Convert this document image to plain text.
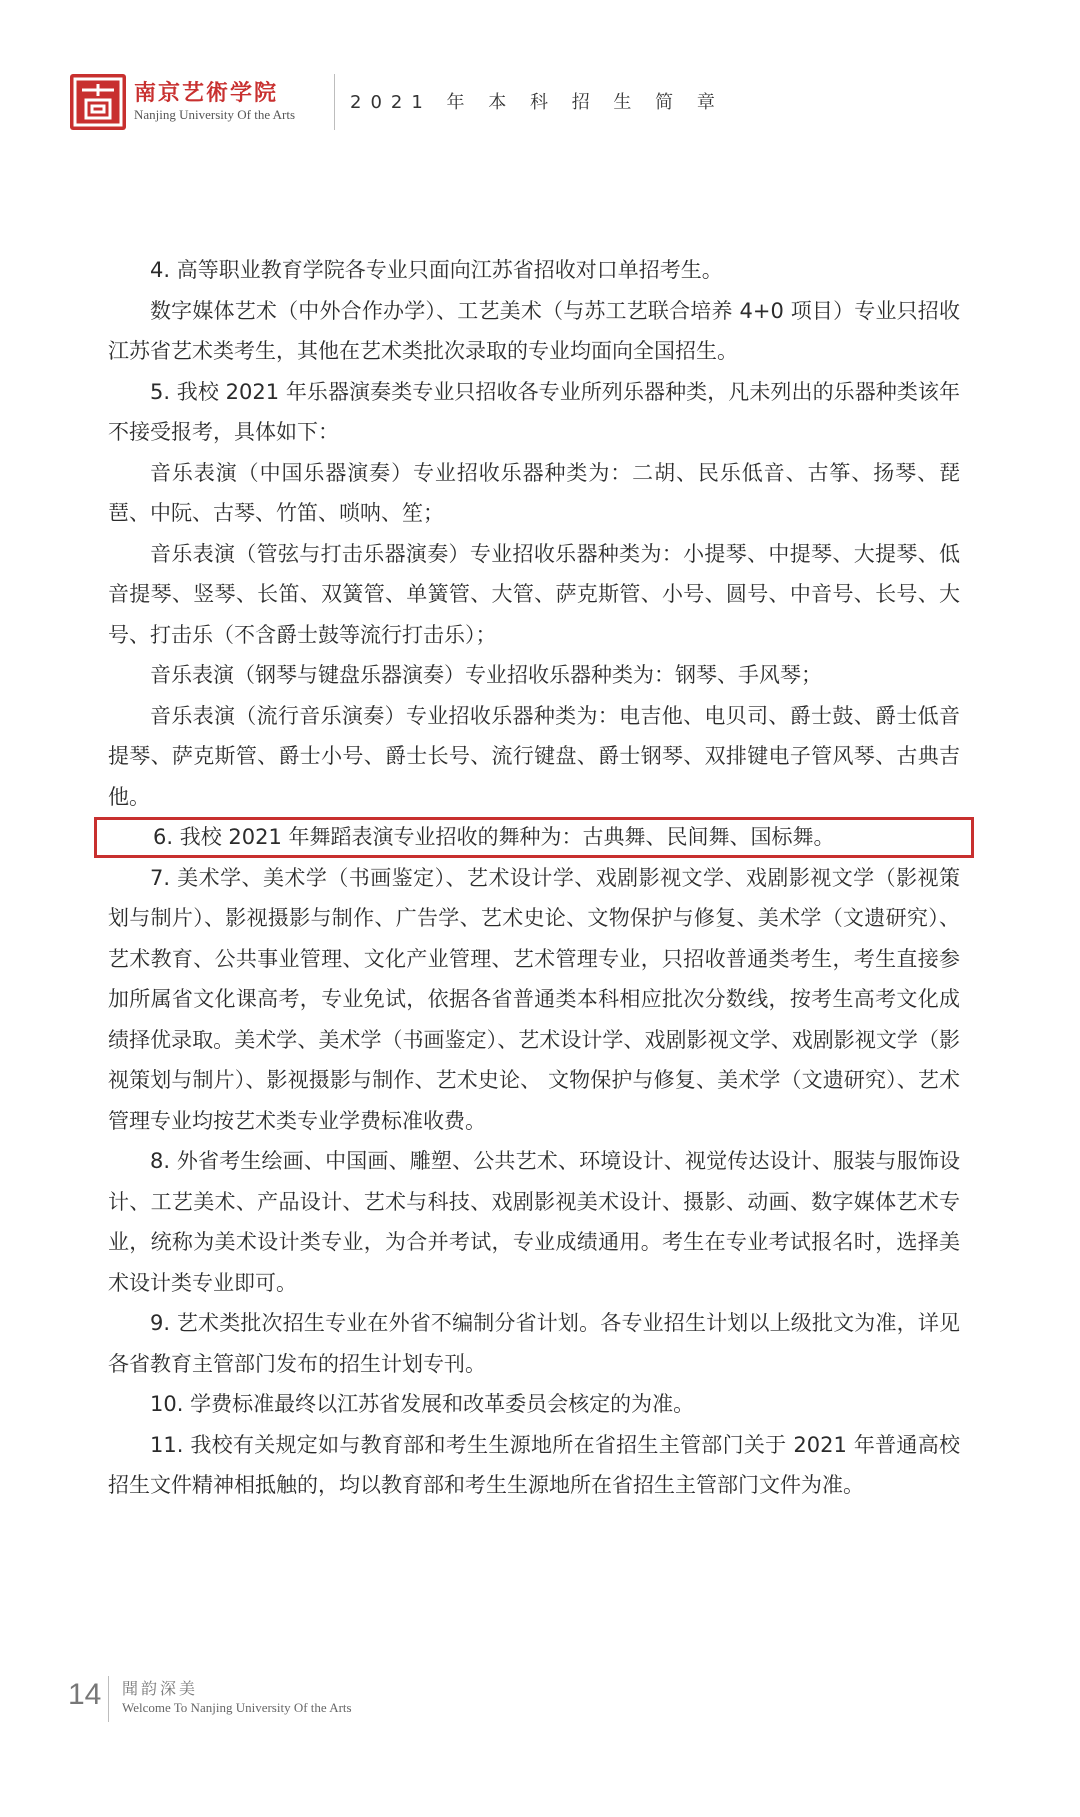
南京艺術学院
Nanjing University Of the Arts
2021 年 本 科 招 生 简 章

4. 高等职业教育学院各专业只面向江苏省招收对口单招考生。

数字媒体艺术（中外合作办学）、工艺美术（与苏工艺联合培养 4+0 项目）专业只招收江苏省艺术类考生，其他在艺术类批次录取的专业均面向全国招生。

5. 我校 2021 年乐器演奏类专业只招收各专业所列乐器种类，凡未列出的乐器种类该年不接受报考，具体如下：

音乐表演（中国乐器演奏）专业招收乐器种类为：二胡、民乐低音、古筝、扬琴、琵琶、中阮、古琴、竹笛、唢呐、笙；

音乐表演（管弦与打击乐器演奏）专业招收乐器种类为：小提琴、中提琴、大提琴、低音提琴、竖琴、长笛、双簧管、单簧管、大管、萨克斯管、小号、圆号、中音号、长号、大号、打击乐（不含爵士鼓等流行打击乐）；

音乐表演（钢琴与键盘乐器演奏）专业招收乐器种类为：钢琴、手风琴；

音乐表演（流行音乐演奏）专业招收乐器种类为：电吉他、电贝司、爵士鼓、爵士低音提琴、萨克斯管、爵士小号、爵士长号、流行键盘、爵士钢琴、双排键电子管风琴、古典吉他。

6. 我校 2021 年舞蹈表演专业招收的舞种为：古典舞、民间舞、国标舞。

7. 美术学、美术学（书画鉴定）、艺术设计学、戏剧影视文学、戏剧影视文学（影视策划与制片）、影视摄影与制作、广告学、艺术史论、文物保护与修复、美术学（文遗研究）、艺术教育、公共事业管理、文化产业管理、艺术管理专业，只招收普通类考生，考生直接参加所属省文化课高考，专业免试，依据各省普通类本科相应批次分数线，按考生高考文化成绩择优录取。美术学、美术学（书画鉴定）、艺术设计学、戏剧影视文学、戏剧影视文学（影视策划与制片）、影视摄影与制作、艺术史论、 文物保护与修复、美术学（文遗研究）、艺术管理专业均按艺术类专业学费标准收费。

8. 外省考生绘画、中国画、雕塑、公共艺术、环境设计、视觉传达设计、服装与服饰设计、工艺美术、产品设计、艺术与科技、戏剧影视美术设计、摄影、动画、数字媒体艺术专业，统称为美术设计类专业，为合并考试，专业成绩通用。考生在专业考试报名时，选择美术设计类专业即可。

9. 艺术类批次招生专业在外省不编制分省计划。各专业招生计划以上级批文为准，详见各省教育主管部门发布的招生计划专刊。

10. 学费标准最终以江苏省发展和改革委员会核定的为准。

11. 我校有关规定如与教育部和考生生源地所在省招生主管部门关于 2021 年普通高校招生文件精神相抵触的，均以教育部和考生生源地所在省招生主管部门文件为准。

14 聞韵深美
Welcome To Nanjing University Of the Arts
